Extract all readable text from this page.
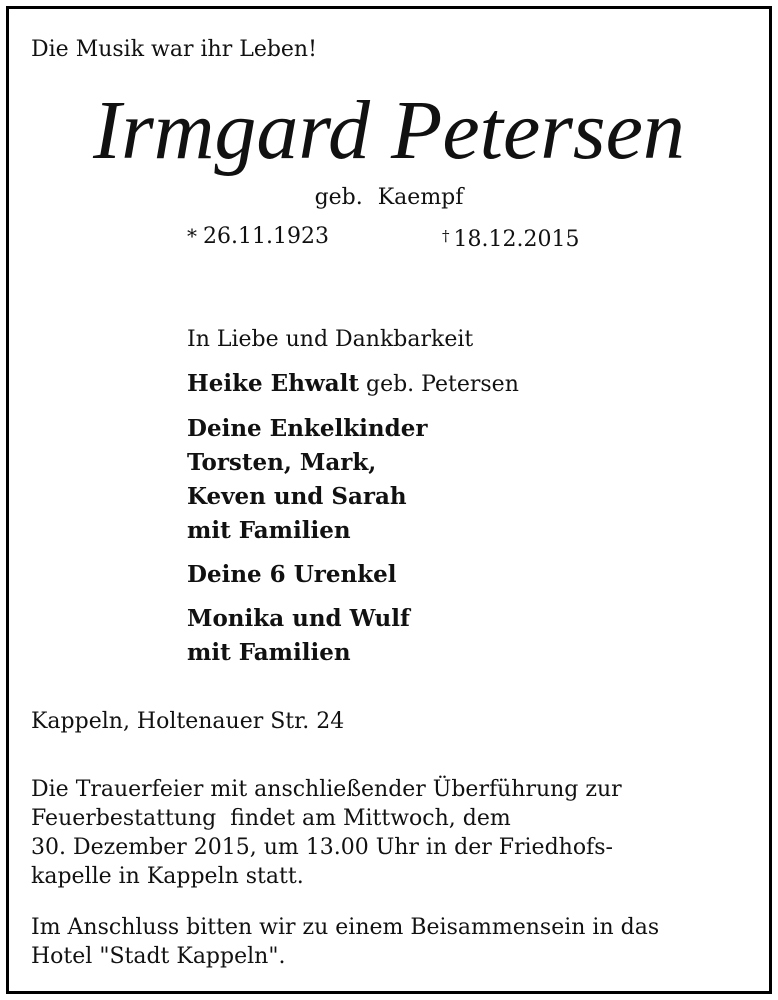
Die Musik war ihr Leben!
Irmgard Petersen
geb. Kaempf
* 26.11.1923	† 18.12.2015
In Liebe und Dankbarkeit
Heike Ehwalt geb. Petersen
Deine Enkelkinder
Torsten, Mark,
Keven und Sarah
mit Familien
Deine 6 Urenkel
Monika und Wulf
mit Familien
Kappeln, Holtenauer Str. 24
Die Trauerfeier mit anschließender Überführung zur
Feuerbestattung  findet am Mittwoch, dem
30. Dezember 2015, um 13.00 Uhr in der Friedhofs-
kapelle in Kappeln statt.
Im Anschluss bitten wir zu einem Beisammensein in das
Hotel "Stadt Kappeln".
